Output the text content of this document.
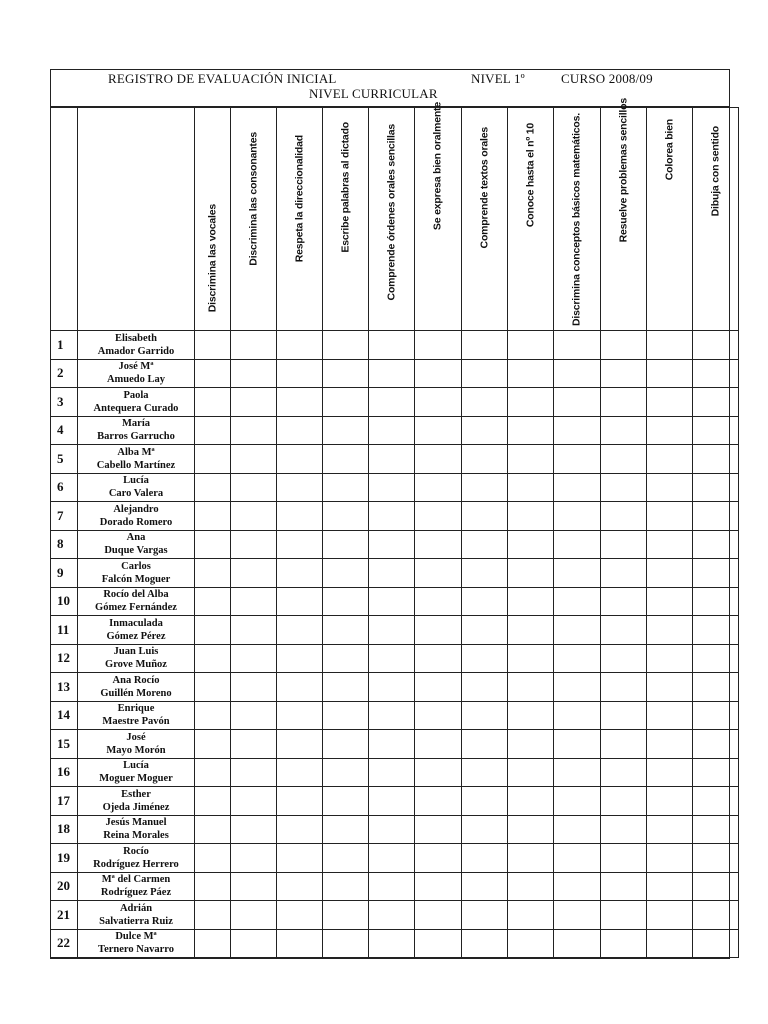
REGISTRO DE EVALUACIÓN INICIAL	NIVEL 1º	CURSO 2008/09
NIVEL CURRICULAR

		Discrimina las vocales	Discrimina las consonantes	Respeta la direccionalidad	Escribe palabras al dictado	Comprende órdenes orales sencillas	Se expresa bien oralmente	Comprende textos orales	Conoce hasta el nº 10	Discrimina conceptos básicos matemáticos.	Resuelve problemas sencillos	Colorea bien	Dibuja con sentido

1	Elisabeth
Amador Garrido												

2	José Mª
Amuedo Lay												

3	Paola
Antequera Curado												

4	María
Barros Garrucho												

5	Alba Mª
Cabello Martínez												

6	Lucía
Caro Valera												

7	Alejandro
Dorado Romero												

8	Ana
Duque Vargas												

9	Carlos
Falcón Moguer												

10	Rocío del Alba
Gómez Fernández												

11	Inmaculada
Gómez Pérez												

12	Juan Luis
Grove Muñoz												

13	Ana Rocío
Guillén Moreno												

14	Enrique
Maestre Pavón												

15	José
Mayo Morón												

16	Lucía
Moguer Moguer												

17	Esther
Ojeda Jiménez												

18	Jesús Manuel
Reina Morales												

19	Rocío
Rodríguez Herrero												

20	Mª del Carmen
Rodríguez Páez												

21	Adrián
Salvatierra Ruiz												

22	Dulce Mª
Ternero Navarro												
